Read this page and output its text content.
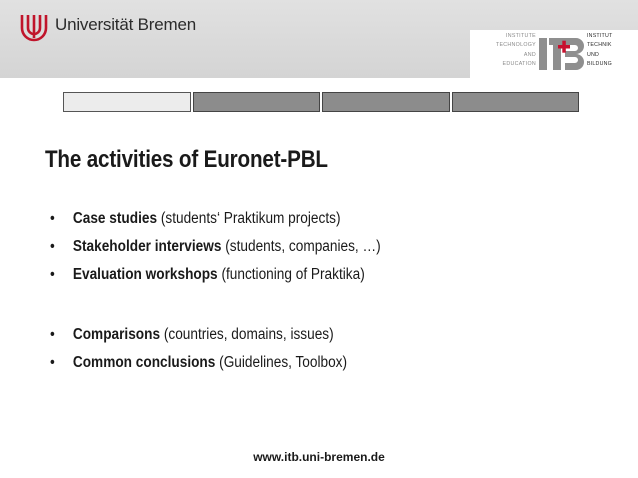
Universität Bremen
INSTITUTE
TECHNOLOGY
AND
EDUCATION
INSTITUT
TECHNIK
UND
BILDUNG
The activities of Euronet-PBL
• Case studies (students‘ Praktikum projects)
• Stakeholder interviews (students, companies, …)
• Evaluation workshops (functioning of Praktika)
• Comparisons (countries, domains, issues)
• Common conclusions (Guidelines, Toolbox)
www.itb.uni-bremen.de
